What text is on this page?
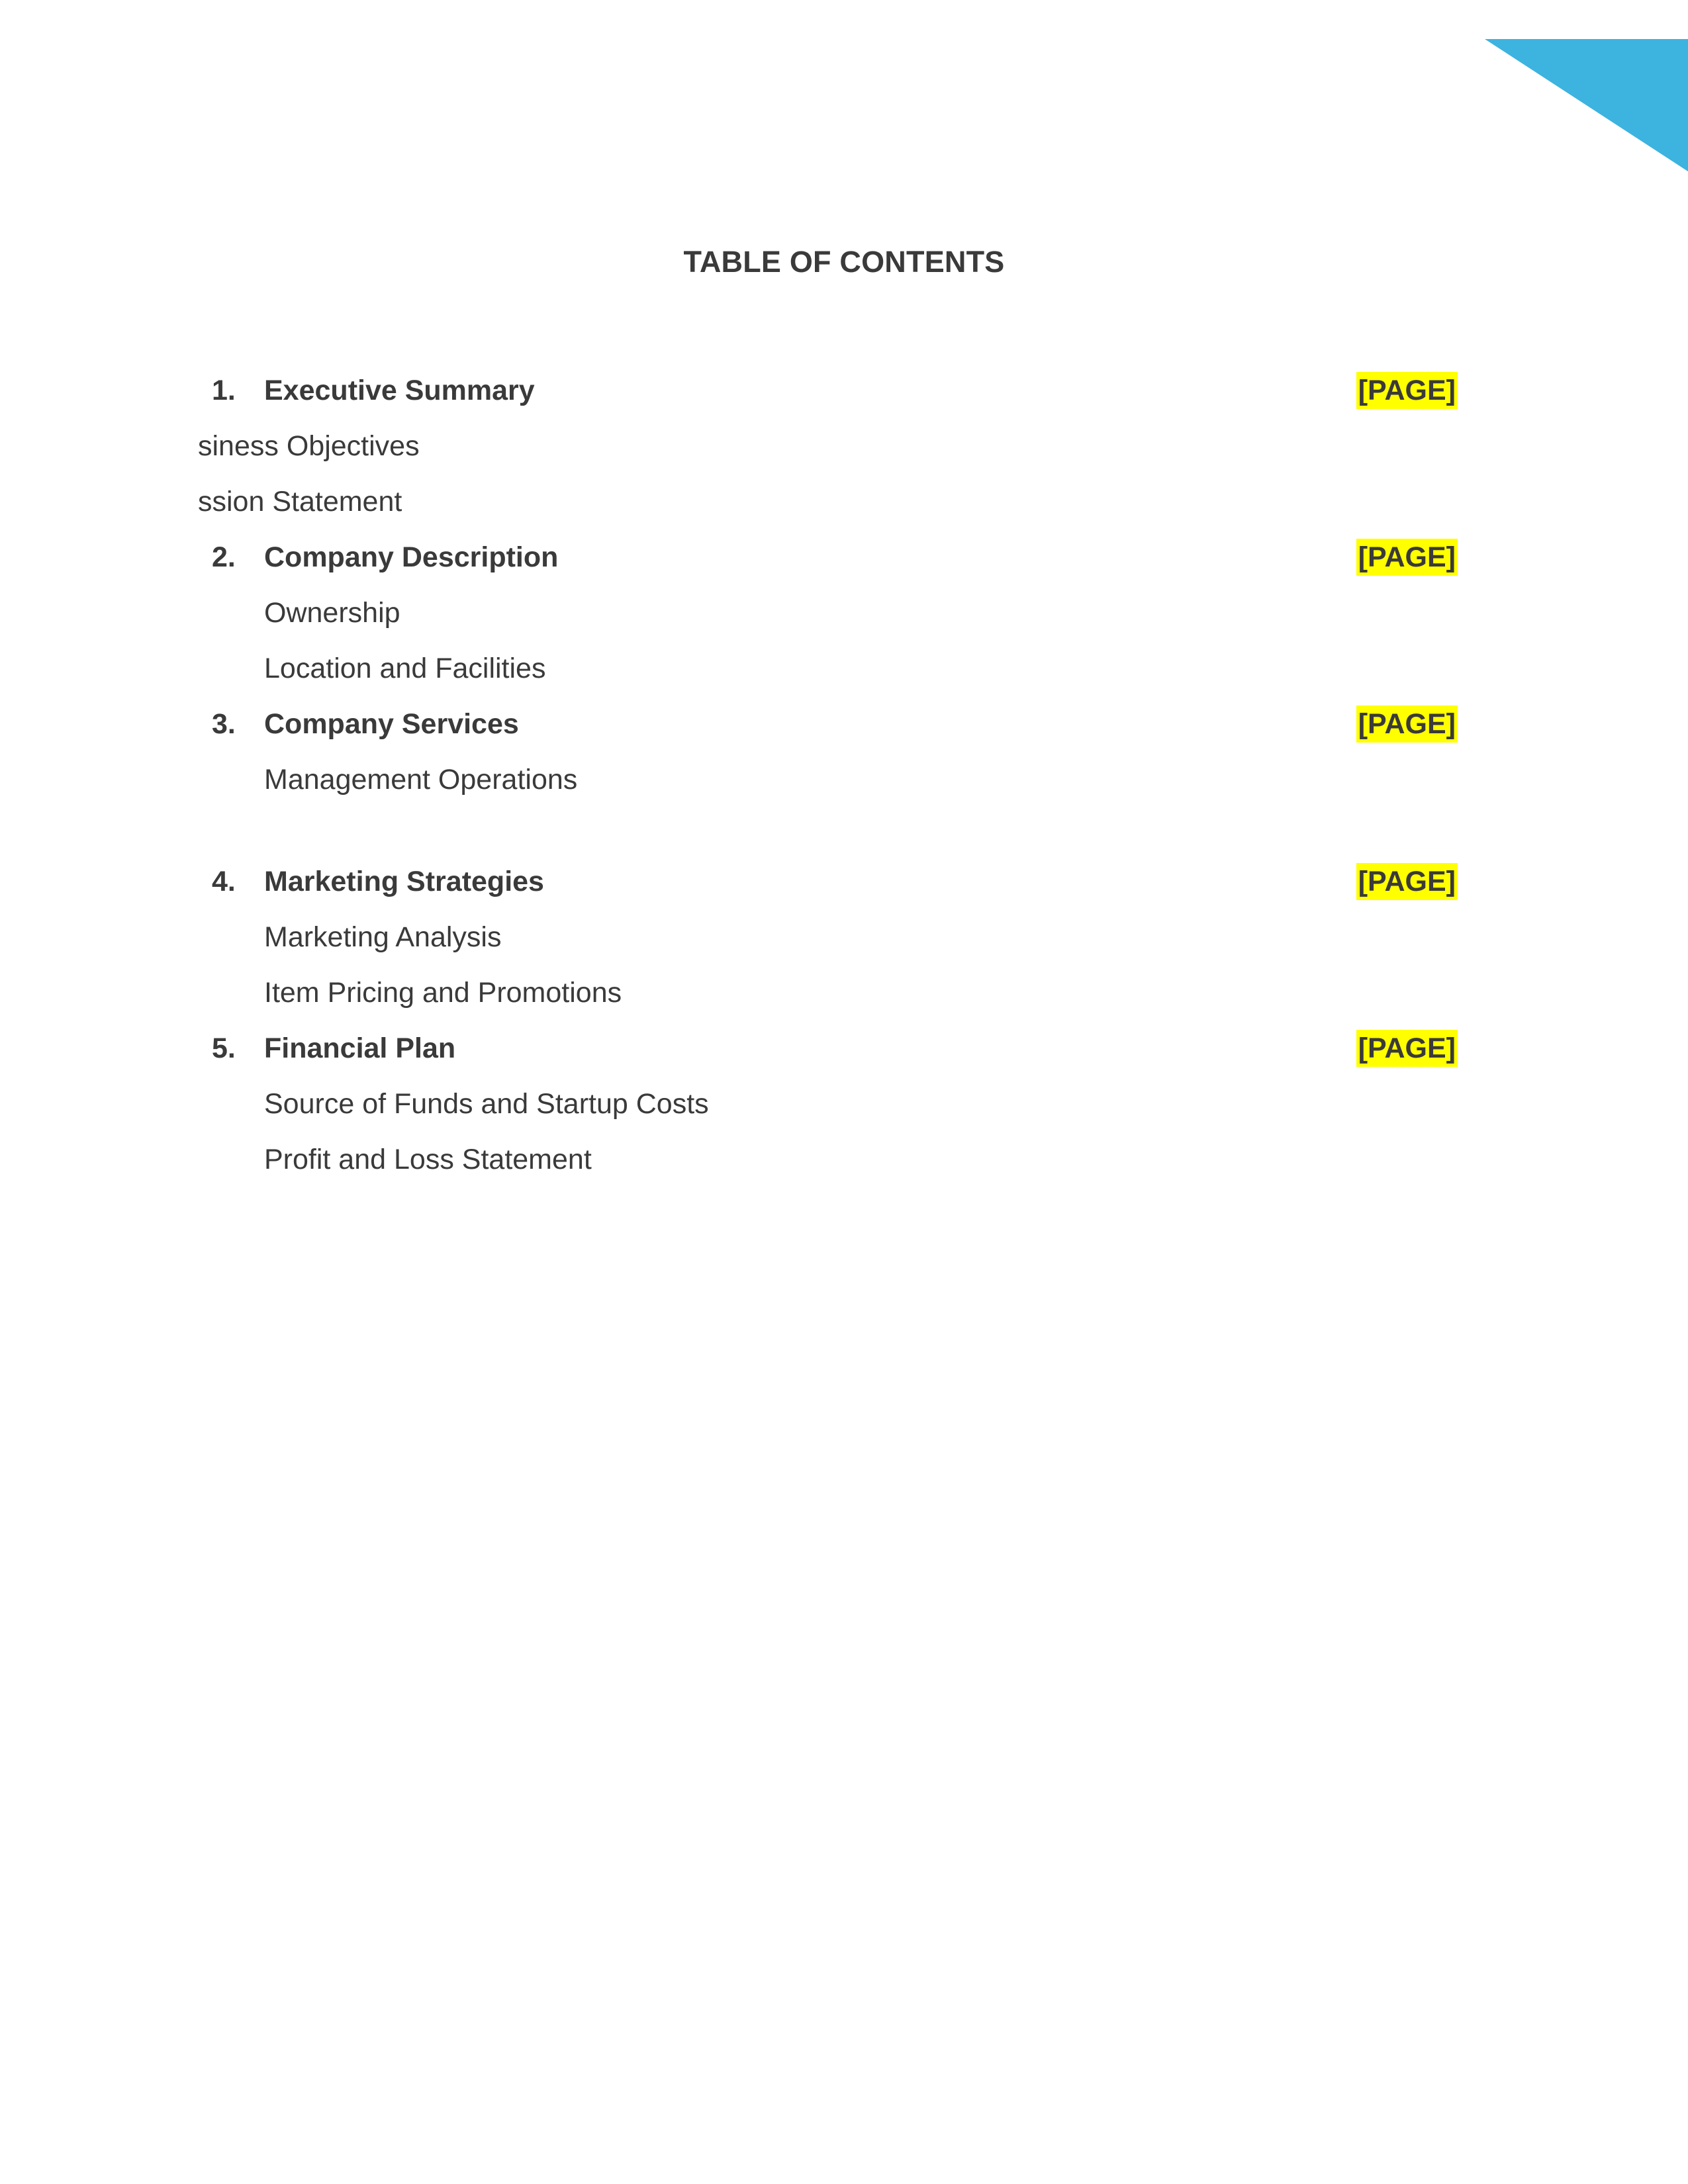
TABLE OF CONTENTS
1. Executive Summary	[PAGE]
siness Objectives
ssion Statement
2. Company Description	[PAGE]
Ownership
Location and Facilities
3. Company Services	[PAGE]
Management Operations
4. Marketing Strategies	[PAGE]
Marketing Analysis
Item Pricing and Promotions
5. Financial Plan	[PAGE]
Source of Funds and Startup Costs
Profit and Loss Statement
